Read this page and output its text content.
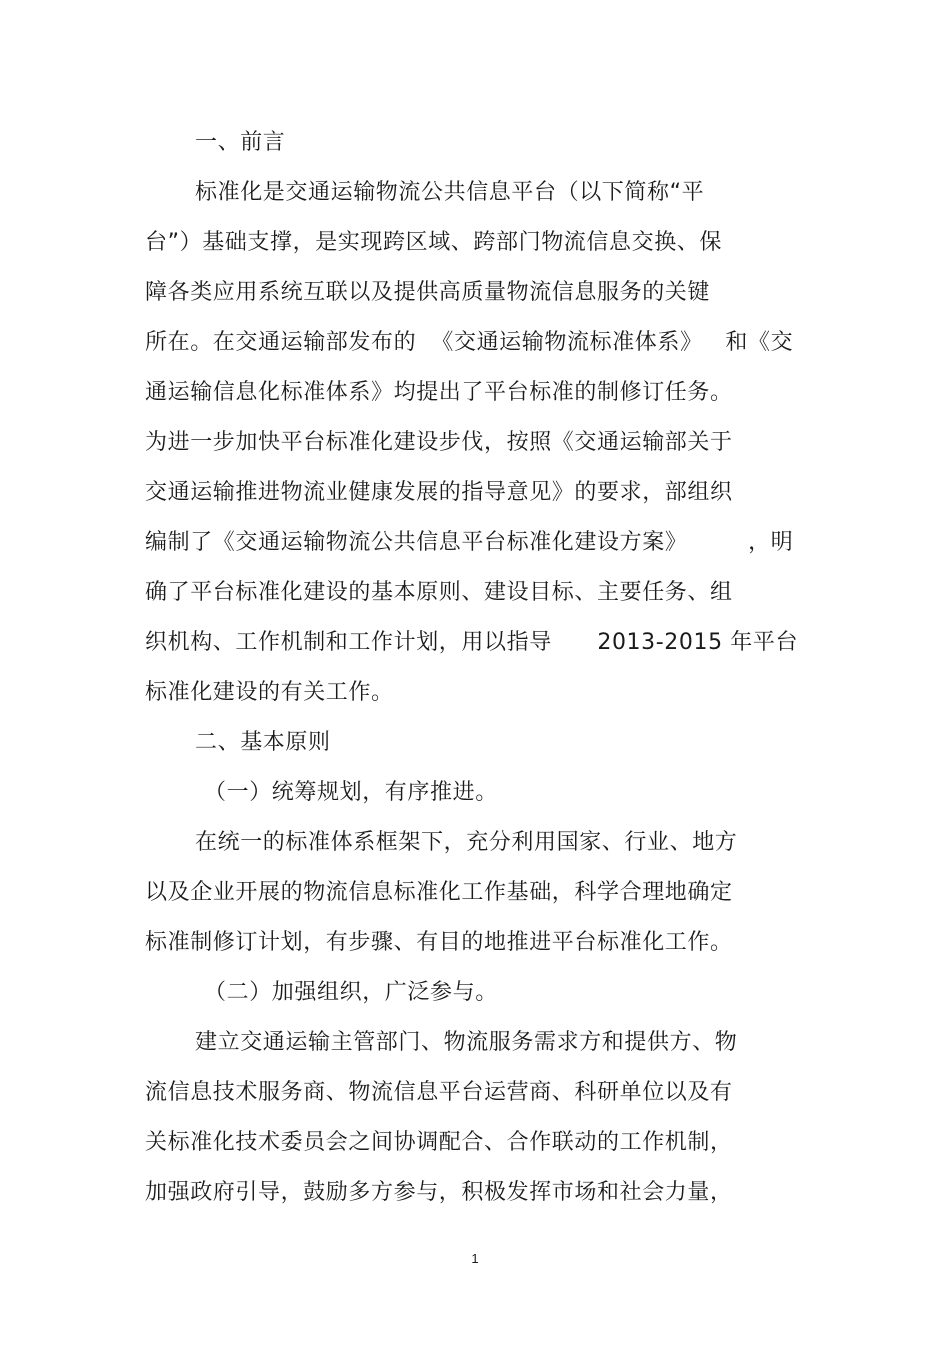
一、前言
标准化是交通运输物流公共信息平台（以下简称“平
台”）基础支撑，是实现跨区域、跨部门物流信息交换、保
障各类应用系统互联以及提供高质量物流信息服务的关键
所在。在交通运输部发布的  《交通运输物流标准体系》   和《交
通运输信息化标准体系》均提出了平台标准的制修订任务。
为进一步加快平台标准化建设步伐，按照《交通运输部关于
交通运输推进物流业健康发展的指导意见》的要求，部组织
编制了《交通运输物流公共信息平台标准化建设方案》        ，明
确了平台标准化建设的基本原则、建设目标、主要任务、组
织机构、工作机制和工作计划，用以指导      2013-2015 年平台
标准化建设的有关工作。
二、基本原则
（一）统筹规划，有序推进。
在统一的标准体系框架下，充分利用国家、行业、地方
以及企业开展的物流信息标准化工作基础，科学合理地确定
标准制修订计划，有步骤、有目的地推进平台标准化工作。
（二）加强组织，广泛参与。
建立交通运输主管部门、物流服务需求方和提供方、物
流信息技术服务商、物流信息平台运营商、科研单位以及有
关标准化技术委员会之间协调配合、合作联动的工作机制，
加强政府引导，鼓励多方参与，积极发挥市场和社会力量，
1
